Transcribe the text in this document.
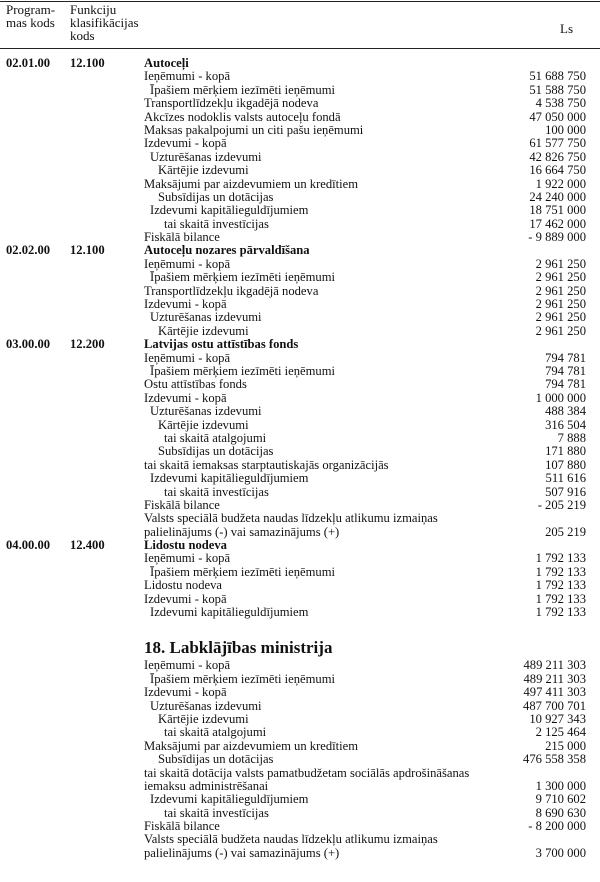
Program-mas kods
Funkciju klasifikācijas kods	Ls
02.01.00 12.100	Autoceļi
Ieņēmumi - kopā	51 688 750
Īpašiem mērķiem iezīmēti ieņēmumi	51 588 750
Transportlīdzekļu ikgadējā nodeva	4 538 750
Akcīzes nodoklis valsts autoceļu fondā	47 050 000
Maksas pakalpojumi un citi pašu ieņēmumi	100 000
Izdevumi - kopā	61 577 750
Uzturēšanas izdevumi	42 826 750
Kārtējie izdevumi	16 664 750
Maksājumi par aizdevumiem un kredītiem	1 922 000
Subsīdijas un dotācijas	24 240 000
Izdevumi kapitālieguldījumiem	18 751 000
tai skaitā investīcijas	17 462 000
Fiskālā bilance	- 9 889 000
02.02.00 12.100	Autoceļu nozares pārvaldīšana
Ieņēmumi - kopā	2 961 250
Īpašiem mērķiem iezīmēti ieņēmumi	2 961 250
Transportlīdzekļu ikgadējā nodeva	2 961 250
Izdevumi - kopā	2 961 250
Uzturēšanas izdevumi	2 961 250
Kārtējie izdevumi	2 961 250
03.00.00 12.200	Latvijas ostu attīstības fonds
Ieņēmumi - kopā	794 781
Īpašiem mērķiem iezīmēti ieņēmumi	794 781
Ostu attīstības fonds	794 781
Izdevumi - kopā	1 000 000
Uzturēšanas izdevumi	488 384
Kārtējie izdevumi	316 504
tai skaitā atalgojumi	7 888
Subsīdijas un dotācijas	171 880
tai skaitā iemaksas starptautiskajās organizācijās	107 880
Izdevumi kapitālieguldījumiem	511 616
tai skaitā investīcijas	507 916
Fiskālā bilance	- 205 219
Valsts speciālā budžeta naudas līdzekļu atlikumu izmaiņas
palielinājums (-) vai samazinājums (+)	205 219
04.00.00 12.400	Lidostu nodeva
Ieņēmumi - kopā	1 792 133
Īpašiem mērķiem iezīmēti ieņēmumi	1 792 133
Lidostu nodeva	1 792 133
Izdevumi - kopā	1 792 133
Izdevumi kapitālieguldījumiem	1 792 133
18. Labklājības ministrija
Ieņēmumi - kopā	489 211 303
Īpašiem mērķiem iezīmēti ieņēmumi	489 211 303
Izdevumi - kopā	497 411 303
Uzturēšanas izdevumi	487 700 701
Kārtējie izdevumi	10 927 343
tai skaitā atalgojumi	2 125 464
Maksājumi par aizdevumiem un kredītiem	215 000
Subsīdijas un dotācijas	476 558 358
tai skaitā dotācija valsts pamatbudžetam sociālās apdrošināšanas
iemaksu administrēšanai	1 300 000
Izdevumi kapitālieguldījumiem	9 710 602
tai skaitā investīcijas	8 690 630
Fiskālā bilance	- 8 200 000
Valsts speciālā budžeta naudas līdzekļu atlikumu izmaiņas
palielinājums (-) vai samazinājums (+)	3 700 000
